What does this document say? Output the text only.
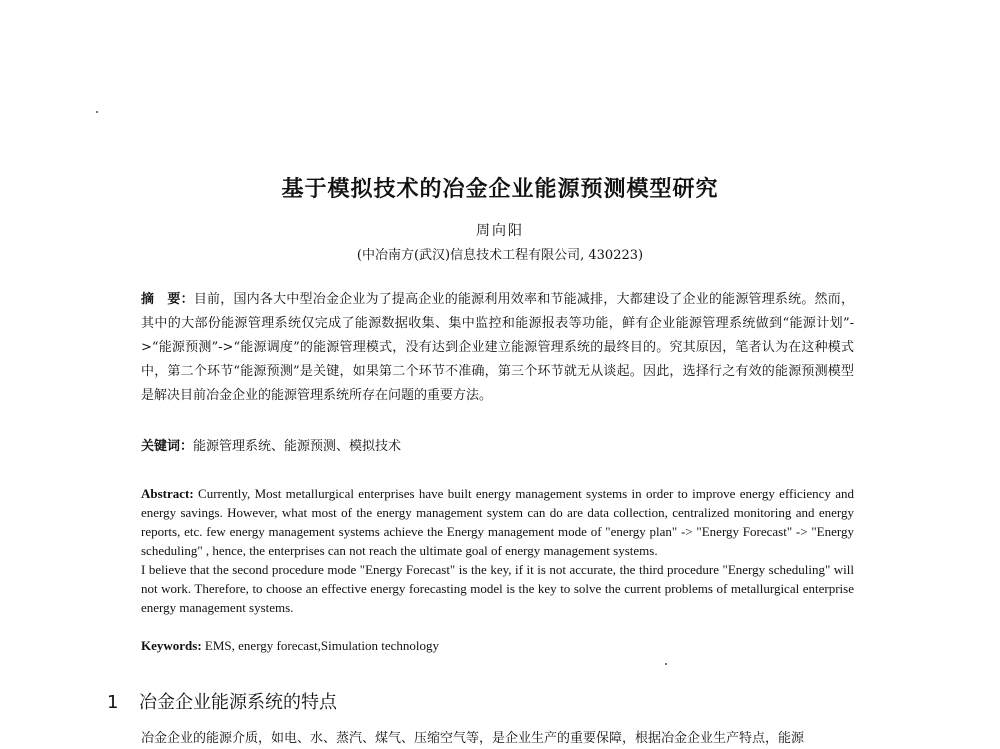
基于模拟技术的冶金企业能源预测模型研究
周向阳
(中冶南方(武汉)信息技术工程有限公司, 430223)
摘　要：目前，国内各大中型冶金企业为了提高企业的能源利用效率和节能减排，大都建设了企业的能源管理系统。然而，其中的大部份能源管理系统仅完成了能源数据收集、集中监控和能源报表等功能，鲜有企业能源管理系统做到“能源计划”->“能源预测”->“能源调度”的能源管理模式，没有达到企业建立能源管理系统的最终目的。究其原因，笔者认为在这种模式中，第二个环节“能源预测”是关键，如果第二个环节不准确，第三个环节就无从谈起。因此，选择行之有效的能源预测模型是解决目前冶金企业的能源管理系统所存在问题的重要方法。
关键词：能源管理系统、能源预测、模拟技术

Abstract: Currently, Most metallurgical enterprises have built energy management systems in order to improve energy efficiency and energy savings. However, what most of the energy management system can do are data collection, centralized monitoring and energy reports, etc. few energy management systems achieve the Energy management mode of "energy plan" -> "Energy Forecast" -> "Energy scheduling" , hence, the enterprises can not reach the ultimate goal of energy management systems.

I believe that the second procedure mode "Energy Forecast" is the key, if it is not accurate, the third procedure "Energy scheduling" will not work. Therefore, to choose an effective energy forecasting model is the key to solve the current problems of metallurgical enterprise energy management systems.

Keywords: EMS, energy forecast,Simulation technology
1 冶金企业能源系统的特点
冶金企业的能源介质，如电、水、蒸汽、煤气、压缩空气等，是企业生产的重要保障，根据冶金企业生产特点，能源
